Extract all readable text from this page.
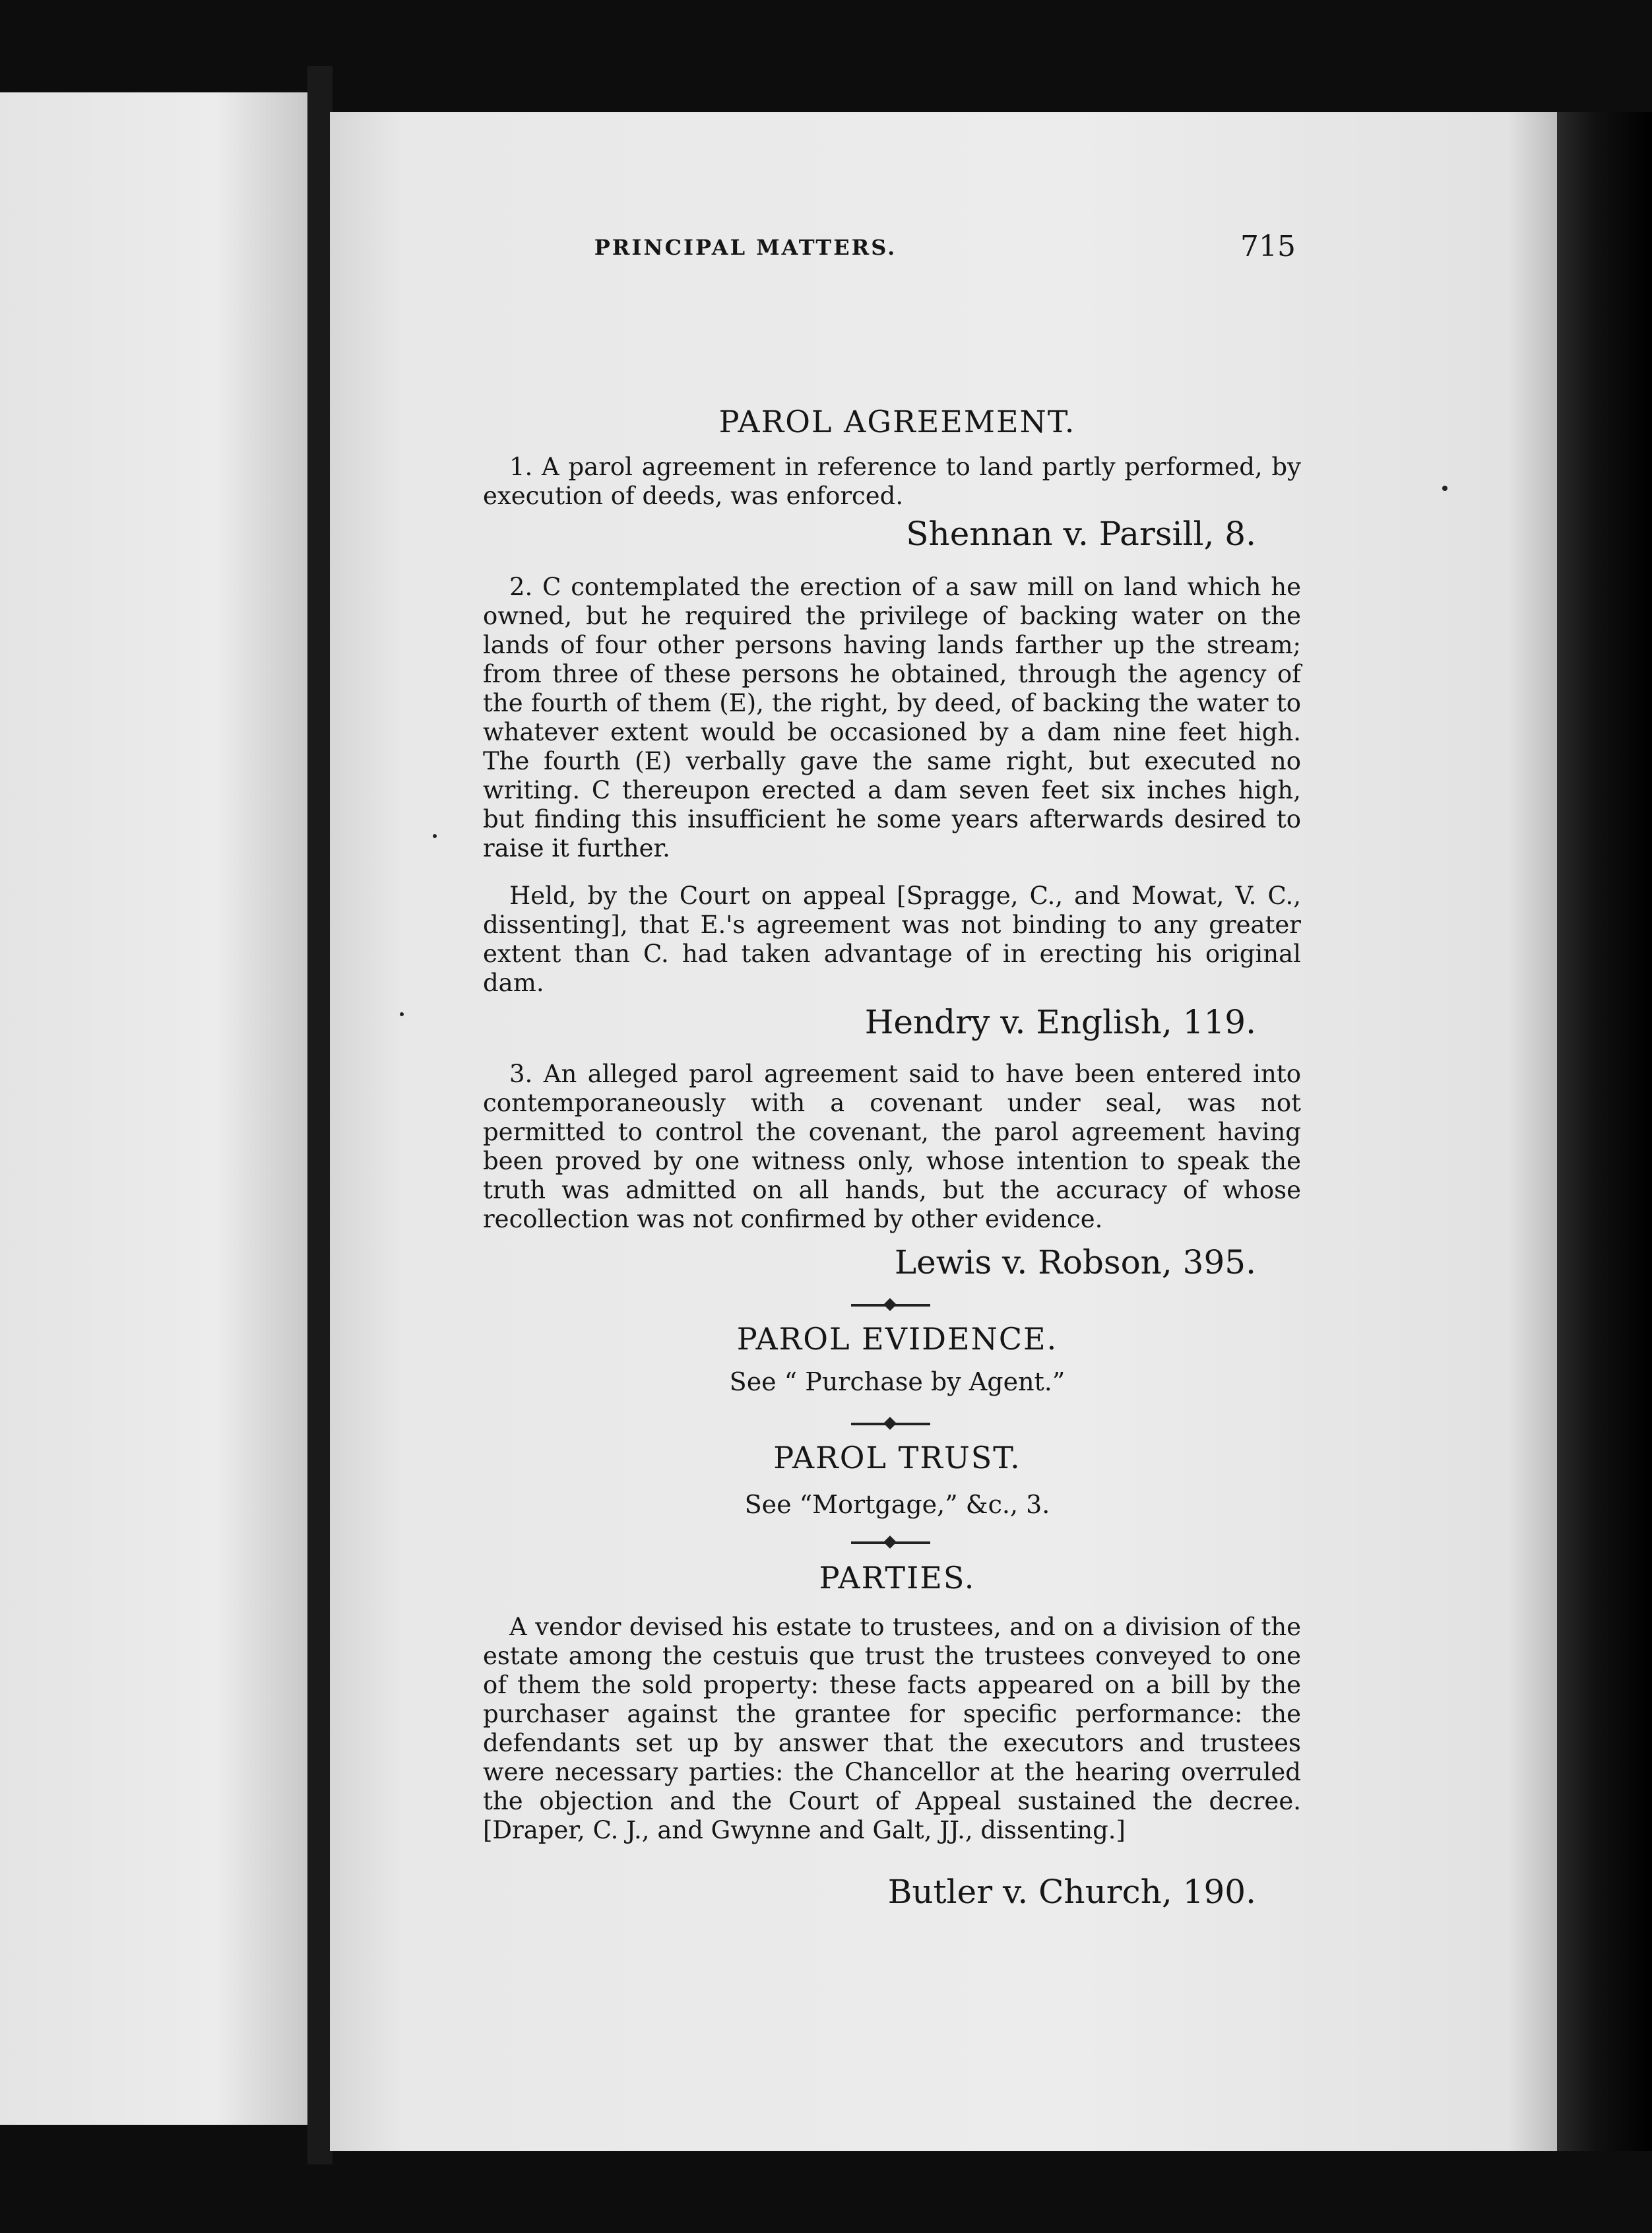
PRINCIPAL MATTERS.	715
PAROL AGREEMENT.

1. A parol agreement in reference to land partly performed, by execution of deeds, was enforced.

Shennan v. Parsill, 8.

2. C contemplated the erection of a saw mill on land which he owned, but he required the privilege of backing water on the lands of four other persons having lands farther up the stream; from three of these persons he obtained, through the agency of the fourth of them (E), the right, by deed, of backing the water to whatever extent would be occasioned by a dam nine feet high. The fourth (E) verbally gave the same right, but executed no writing. C thereupon erected a dam seven feet six inches high, but finding this insufficient he some years afterwards desired to raise it further.

Held, by the Court on appeal [Spragge, C., and Mowat, V. C., dissenting], that E.'s agreement was not binding to any greater extent than C. had taken advantage of in erecting his original dam.

Hendry v. English, 119.

3. An alleged parol agreement said to have been entered into contemporaneously with a covenant under seal, was not permitted to control the covenant, the parol agreement having been proved by one witness only, whose intention to speak the truth was admitted on all hands, but the accuracy of whose recollection was not confirmed by other evidence.

Lewis v. Robson, 395.
PAROL EVIDENCE.
See “ Purchase by Agent.”
PAROL TRUST.
See “Mortgage,” &c., 3.
PARTIES.

A vendor devised his estate to trustees, and on a division of the estate among the cestuis que trust the trustees conveyed to one of them the sold property: these facts appeared on a bill by the purchaser against the grantee for specific performance: the defendants set up by answer that the executors and trustees were necessary parties: the Chancellor at the hearing overruled the objection and the Court of Appeal sustained the decree. [Draper, C. J., and Gwynne and Galt, JJ., dissenting.]

Butler v. Church, 190.
